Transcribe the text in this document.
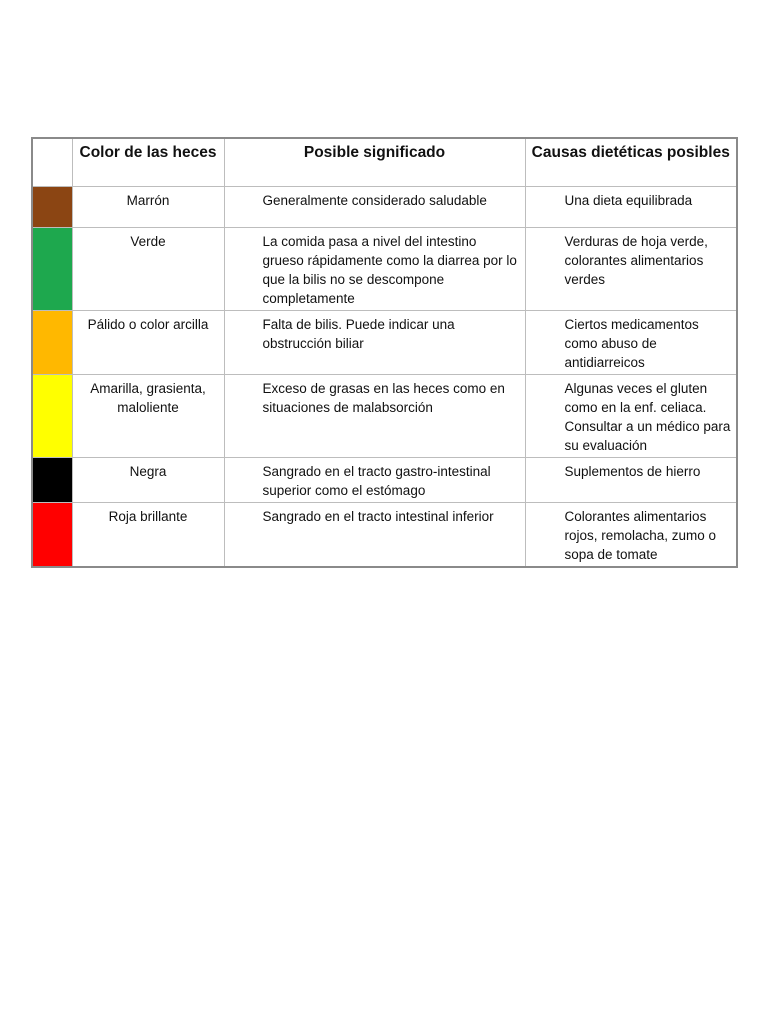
	Color de las heces	Posible significado	Causas dietéticas posibles
	Marrón	Generalmente considerado saludable	Una dieta equilibrada
	Verde	La comida pasa a nivel del intestino grueso rápidamente como la diarrea por lo que la bilis no se descompone completamente	Verduras de hoja verde, colorantes alimentarios verdes
	Pálido o color arcilla	Falta de bilis. Puede indicar una obstrucción biliar	Ciertos medicamentos como abuso de antidiarreicos
	Amarilla, grasienta, maloliente	Exceso de grasas en las heces como en situaciones de malabsorción	Algunas veces el gluten como en la enf. celiaca. Consultar a un médico para su evaluación
	Negra	Sangrado en el tracto gastro-intestinal superior como el estómago	Suplementos de hierro
	Roja brillante	Sangrado en el tracto intestinal inferior	Colorantes alimentarios rojos, remolacha, zumo o sopa de tomate
